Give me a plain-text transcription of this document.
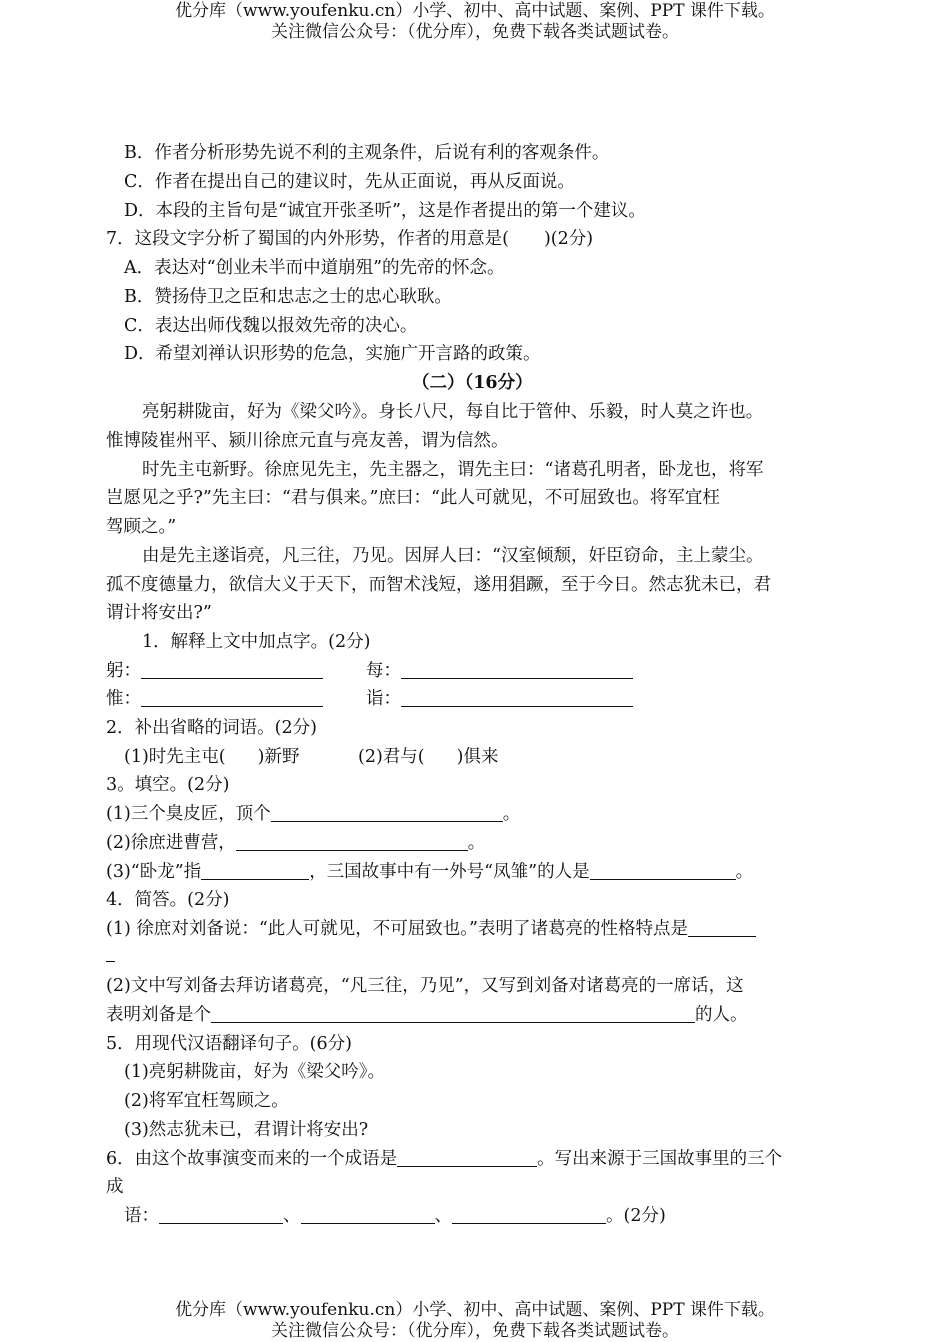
优分库（www.youfenku.cn）小学、初中、高中试题、案例、PPT 课件下载。
关注微信公众号：（优分库），免费下载各类试题试卷。
B．作者分析形势先说不利的主观条件，后说有利的客观条件。
C．作者在提出自己的建议时，先从正面说，再从反面说。
D．本段的主旨句是“诚宜开张圣听”，这是作者提出的第一个建议。
7．这段文字分析了蜀国的内外形势，作者的用意是(　　)(2分)
A．表达对“创业未半而中道崩殂”的先帝的怀念。
B．赞扬侍卫之臣和忠志之士的忠心耿耿。
C．表达出师伐魏以报效先帝的决心。
D．希望刘禅认识形势的危急，实施广开言路的政策。
（二）（16分）
亮躬耕陇亩，好为《梁父吟》。身长八尺，每自比于管仲、乐毅，时人莫之许也。
惟博陵崔州平、颍川徐庶元直与亮友善，谓为信然。
时先主屯新野。徐庶见先主，先主器之，谓先主曰：“诸葛孔明者，卧龙也，将军
岂愿见之乎?”先主曰：“君与俱来。”庶曰：“此人可就见，不可屈致也。将军宜枉
驾顾之。”
由是先主遂诣亮，凡三往，乃见。因屏人曰：“汉室倾颓，奸臣窃命，主上蒙尘。
孤不度德量力，欲信大义于天下，而智术浅短，遂用猖蹶，至于今日。然志犹未已，君
谓计将安出?”
1．解释上文中加点字。(2分)
躬：	每：
惟：	诣：
2．补出省略的词语。(2分)
(1)时先主屯( )新野	(2)君与( )俱来
3。填空。(2分)
(1)三个臭皮匠，顶个	。
(2)徐庶进曹营，	。
(3)“卧龙”指	，三国故事中有一外号“凤雏”的人是	。
4．简答。(2分)
(1) 徐庶对刘备说：“此人可就见，不可屈致也。”表明了诸葛亮的性格特点是
(2)文中写刘备去拜访诸葛亮，“凡三往，乃见”，又写到刘备对诸葛亮的一席话，这
表明刘备是个	的人。
5．用现代汉语翻译句子。(6分)
(1)亮躬耕陇亩，好为《梁父吟》。
(2)将军宜枉驾顾之。
(3)然志犹未已，君谓计将安出?
6．由这个故事演变而来的一个成语是	。写出来源于三国故事里的三个
成
语：	、	、	。(2分)
优分库（www.youfenku.cn）小学、初中、高中试题、案例、PPT 课件下载。
关注微信公众号：（优分库），免费下载各类试题试卷。
